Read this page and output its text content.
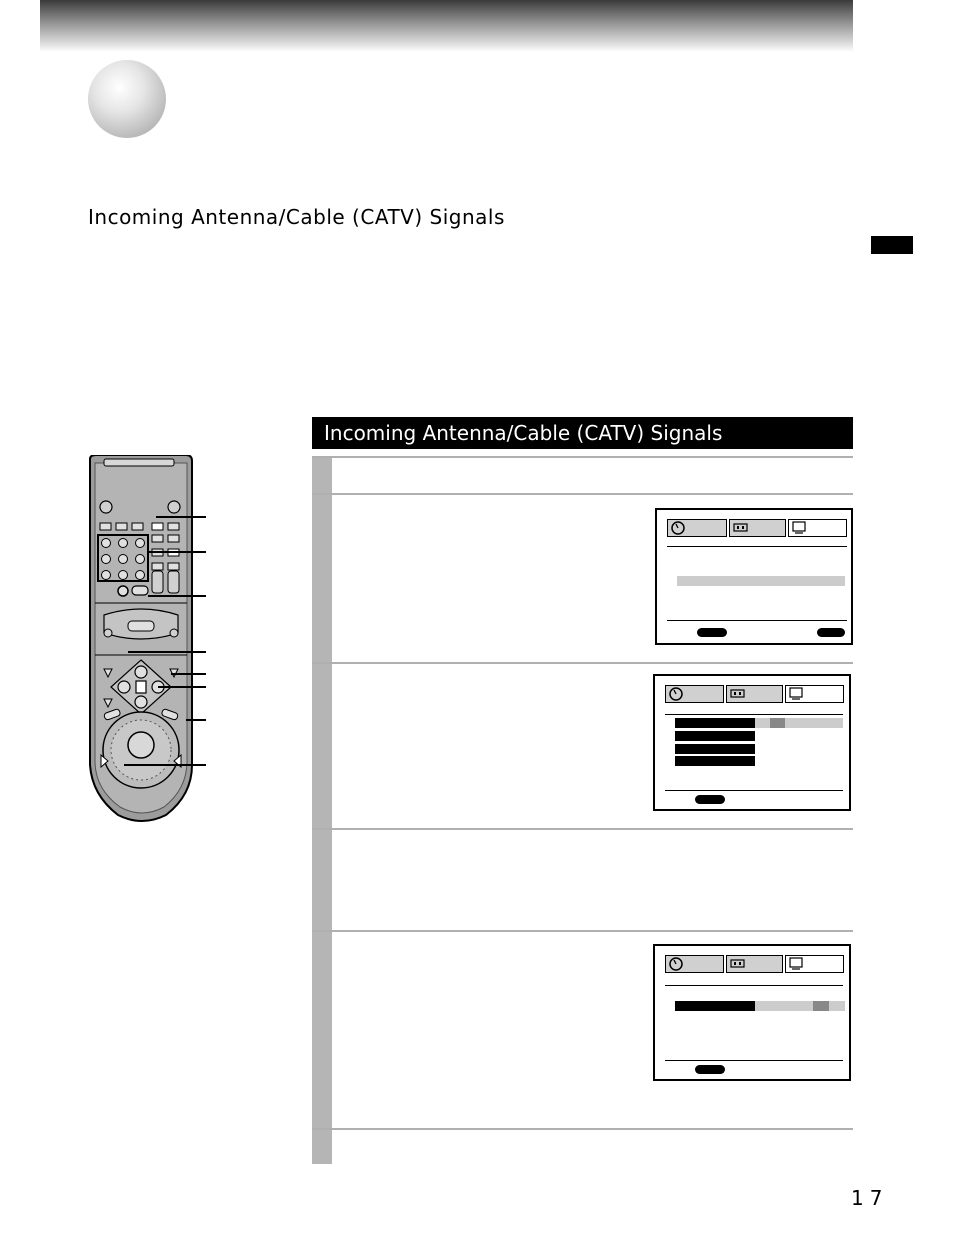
Incoming Antenna/Cable (CATV) Signals
Incoming Antenna/Cable (CATV) Signals
17
